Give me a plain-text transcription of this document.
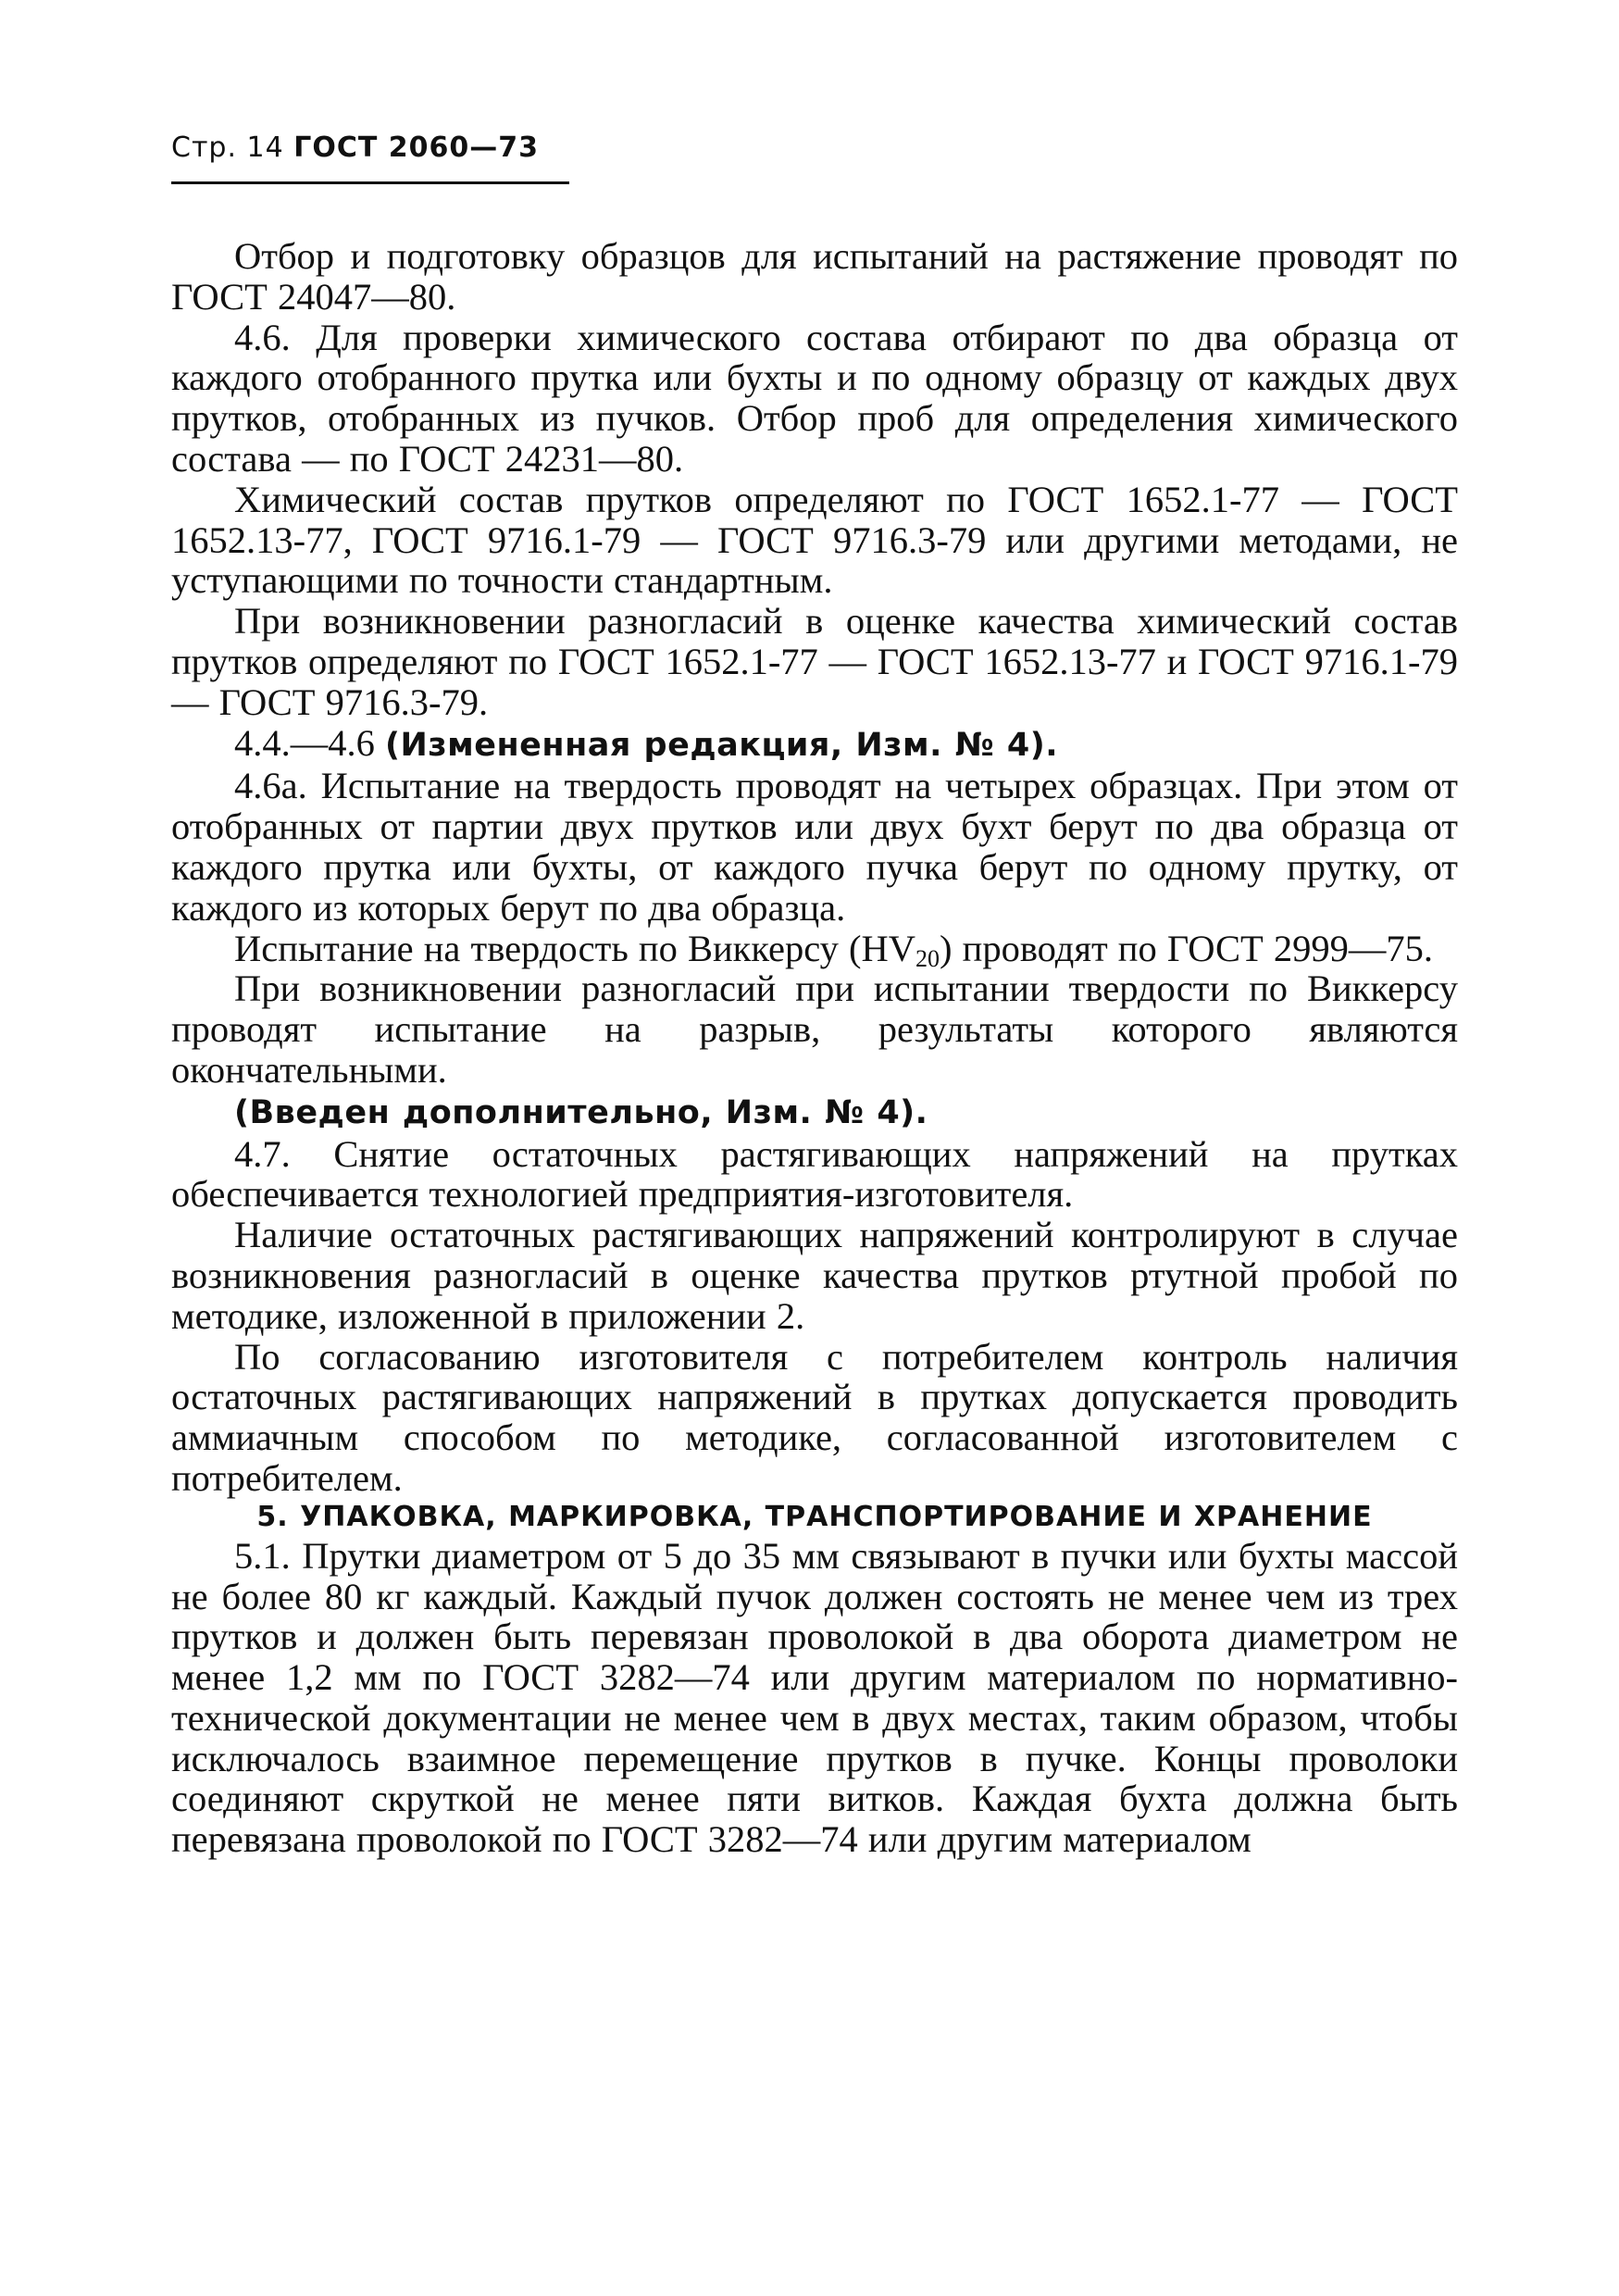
Стр. 14 ГОСТ 2060—73

Отбор и подготовку образцов для испытаний на растяжение проводят по ГОСТ 24047—80.

4.6. Для проверки химического состава отбирают по два образца от каждого отобранного прутка или бухты и по одному образцу от каждых двух прутков, отобранных из пучков. Отбор проб для определения химического состава — по ГОСТ 24231—80.

Химический состав прутков определяют по ГОСТ 1652.1-77 — ГОСТ 1652.13-77, ГОСТ 9716.1-79 — ГОСТ 9716.3-79 или другими методами, не уступающими по точности стандартным.

При возникновении разногласий в оценке качества химический состав прутков определяют по ГОСТ 1652.1-77 — ГОСТ 1652.13-77 и ГОСТ 9716.1-79 — ГОСТ 9716.3-79.

4.4.—4.6 (Измененная редакция, Изм. № 4).

4.6а. Испытание на твердость проводят на четырех образцах. При этом от отобранных от партии двух прутков или двух бухт берут по два образца от каждого прутка или бухты, от каждого пучка берут по одному прутку, от каждого из которых берут по два образца.

Испытание на твердость по Виккерсу $(HV_{20})$ проводят по ГОСТ 2999—75.

При возникновении разногласий при испытании твердости по Виккерсу проводят испытание на разрыв, результаты которого являются окончательными.

(Введен дополнительно, Изм. № 4).

4.7. Снятие остаточных растягивающих напряжений на прутках обеспечивается технологией предприятия-изготовителя.

Наличие остаточных растягивающих напряжений контролируют в случае возникновения разногласий в оценке качества прутков ртутной пробой по методике, изложенной в приложении 2.

По согласованию изготовителя с потребителем контроль наличия остаточных растягивающих напряжений в прутках допускается проводить аммиачным способом по методике, согласованной изготовителем с потребителем.

5. УПАКОВКА, МАРКИРОВКА, ТРАНСПОРТИРОВАНИЕ И ХРАНЕНИЕ

5.1. Прутки диаметром от 5 до 35 мм связывают в пучки или бухты массой не более 80 кг каждый. Каждый пучок должен состоять не менее чем из трех прутков и должен быть перевязан проволокой в два оборота диаметром не менее 1,2 мм по ГОСТ 3282—74 или другим материалом по нормативно-технической документации не менее чем в двух местах, таким образом, чтобы исключалось взаимное перемещение прутков в пучке. Концы проволоки соединяют скруткой не менее пяти витков. Каждая бухта должна быть перевязана проволокой по ГОСТ 3282—74 или другим материалом
